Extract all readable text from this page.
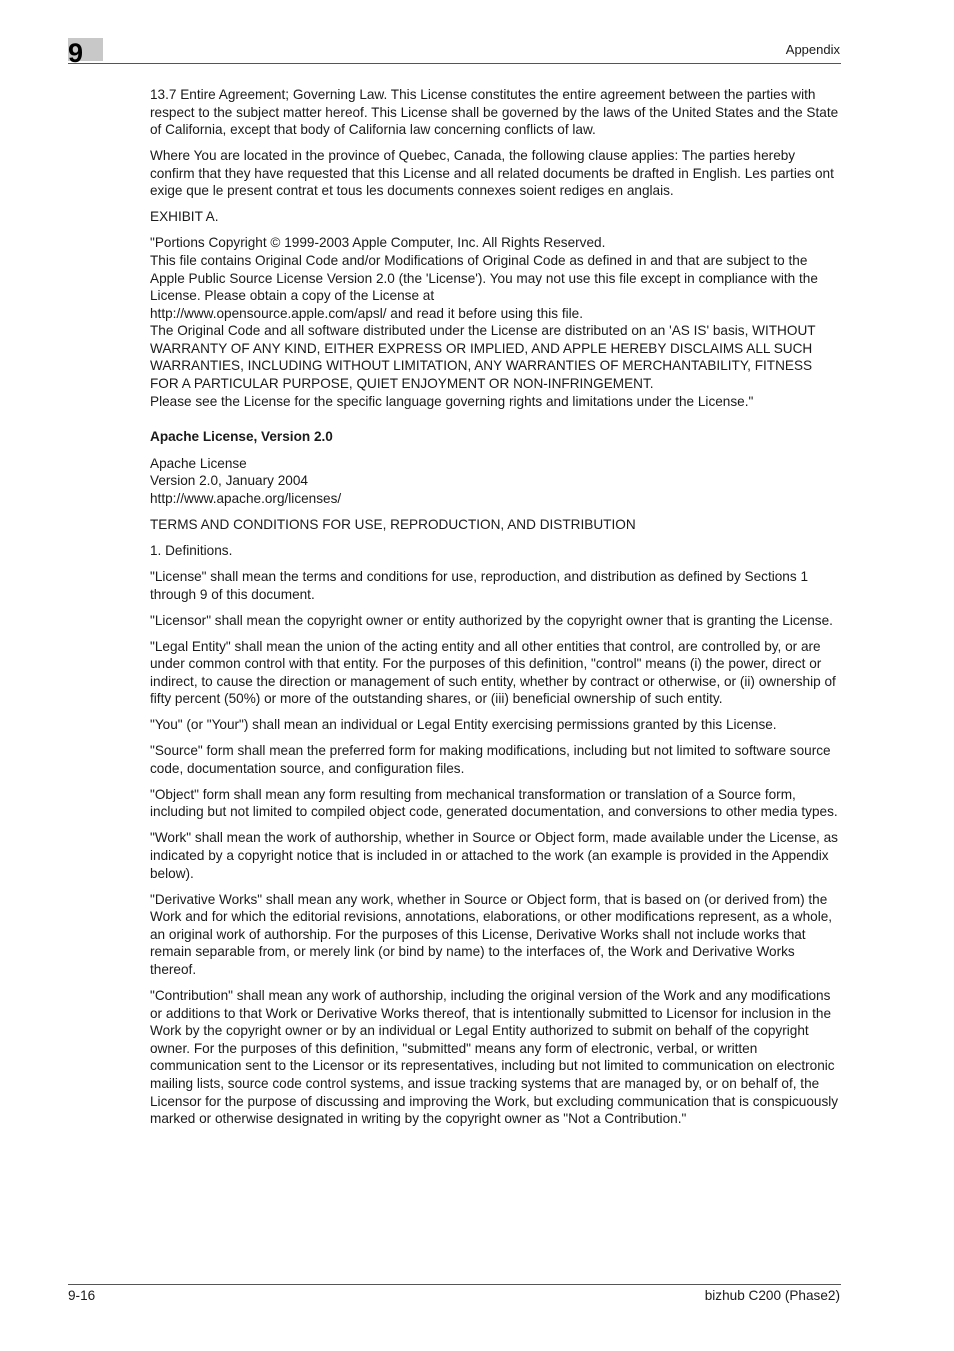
9	Appendix

13.7 Entire Agreement; Governing Law. This License constitutes the entire agreement between the parties with respect to the subject matter hereof. This License shall be governed by the laws of the United States and the State of California, except that body of California law concerning conflicts of law.

Where You are located in the province of Quebec, Canada, the following clause applies: The parties hereby confirm that they have requested that this License and all related documents be drafted in English. Les parties ont exige que le present contrat et tous les documents connexes soient rediges en anglais.

EXHIBIT A.

"Portions Copyright © 1999-2003 Apple Computer, Inc. All Rights Reserved.
This file contains Original Code and/or Modifications of Original Code as defined in and that are subject to the Apple Public Source License Version 2.0 (the 'License'). You may not use this file except in compliance with the License. Please obtain a copy of the License at
http://www.opensource.apple.com/apsl/ and read it before using this file.
The Original Code and all software distributed under the License are distributed on an 'AS IS' basis, WITHOUT WARRANTY OF ANY KIND, EITHER EXPRESS OR IMPLIED, AND APPLE HEREBY DISCLAIMS ALL SUCH WARRANTIES, INCLUDING WITHOUT LIMITATION, ANY WARRANTIES OF MERCHANTABILITY, FITNESS FOR A PARTICULAR PURPOSE, QUIET ENJOYMENT OR NON-INFRINGEMENT.
Please see the License for the specific language governing rights and limitations under the License."

Apache License, Version 2.0

Apache License
Version 2.0, January 2004
http://www.apache.org/licenses/

TERMS AND CONDITIONS FOR USE, REPRODUCTION, AND DISTRIBUTION

1. Definitions.

"License" shall mean the terms and conditions for use, reproduction, and distribution as defined by Sections 1 through 9 of this document.

"Licensor" shall mean the copyright owner or entity authorized by the copyright owner that is granting the License.

"Legal Entity" shall mean the union of the acting entity and all other entities that control, are controlled by, or are under common control with that entity. For the purposes of this definition, "control" means (i) the power, direct or indirect, to cause the direction or management of such entity, whether by contract or otherwise, or (ii) ownership of fifty percent (50%) or more of the outstanding shares, or (iii) beneficial ownership of such entity.

"You" (or "Your") shall mean an individual or Legal Entity exercising permissions granted by this License.

"Source" form shall mean the preferred form for making modifications, including but not limited to software source code, documentation source, and configuration files.

"Object" form shall mean any form resulting from mechanical transformation or translation of a Source form, including but not limited to compiled object code, generated documentation, and conversions to other media types.

"Work" shall mean the work of authorship, whether in Source or Object form, made available under the License, as indicated by a copyright notice that is included in or attached to the work (an example is provided in the Appendix below).

"Derivative Works" shall mean any work, whether in Source or Object form, that is based on (or derived from) the Work and for which the editorial revisions, annotations, elaborations, or other modifications represent, as a whole, an original work of authorship. For the purposes of this License, Derivative Works shall not include works that remain separable from, or merely link (or bind by name) to the interfaces of, the Work and Derivative Works thereof.

"Contribution" shall mean any work of authorship, including the original version of the Work and any modifications or additions to that Work or Derivative Works thereof, that is intentionally submitted to Licensor for inclusion in the Work by the copyright owner or by an individual or Legal Entity authorized to submit on behalf of the copyright owner. For the purposes of this definition, "submitted" means any form of electronic, verbal, or written communication sent to the Licensor or its representatives, including but not limited to communication on electronic mailing lists, source code control systems, and issue tracking systems that are managed by, or on behalf of, the Licensor for the purpose of discussing and improving the Work, but excluding communication that is conspicuously marked or otherwise designated in writing by the copyright owner as "Not a Contribution."

9-16	bizhub C200 (Phase2)
